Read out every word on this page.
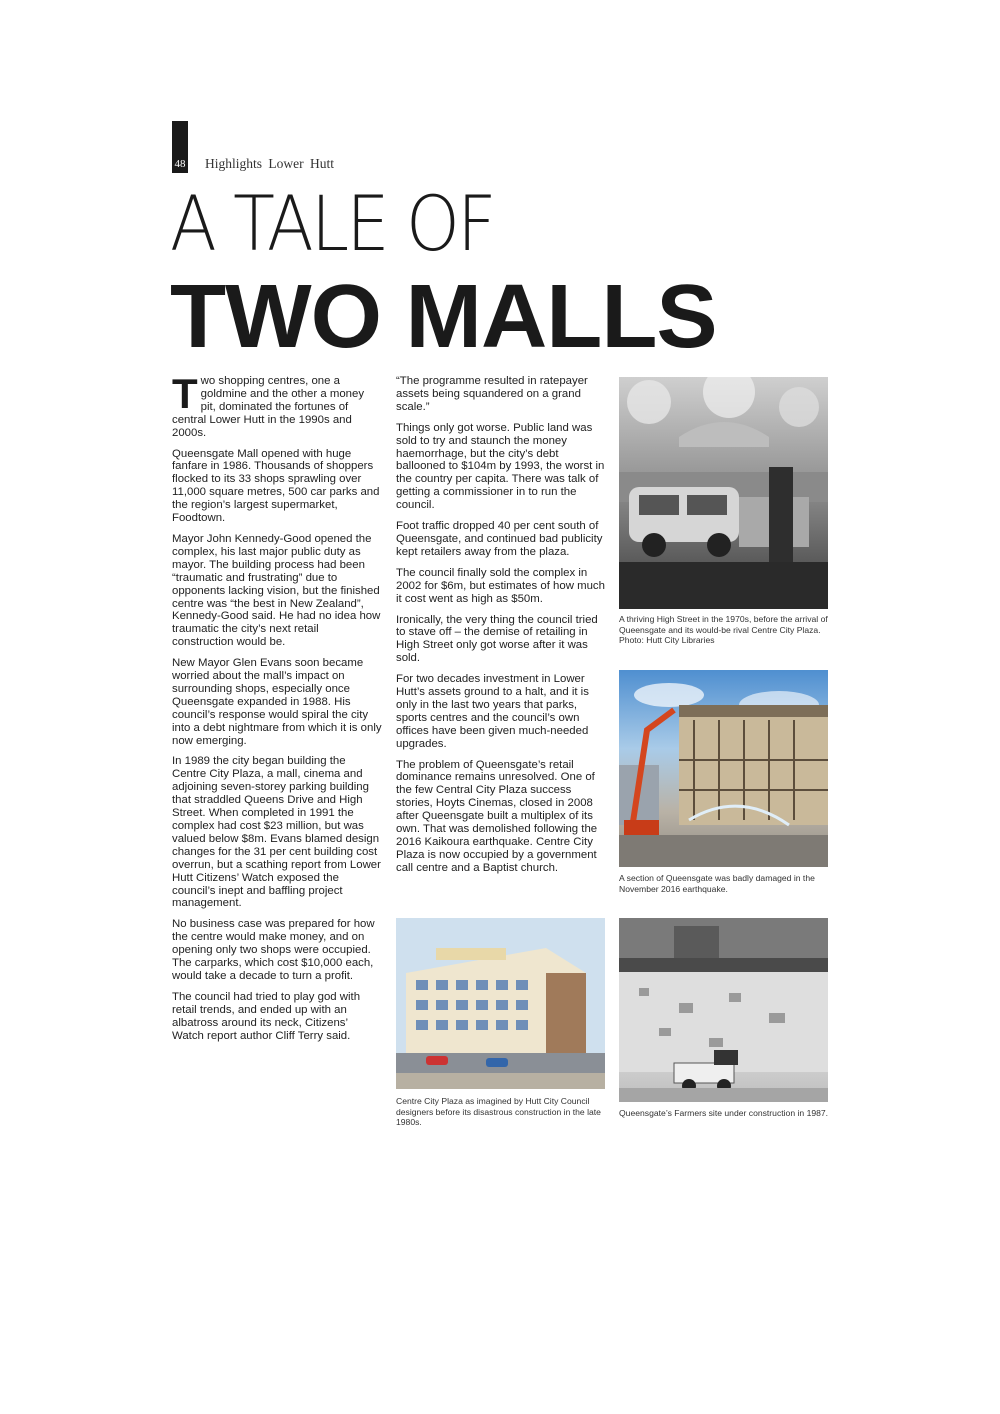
48 Highlights Lower Hutt
A TALE OF
TWO MALLS

Two shopping centres, one a goldmine and the other a money pit, dominated the fortunes of central Lower Hutt in the 1990s and 2000s.

Queensgate Mall opened with huge fanfare in 1986. Thousands of shoppers flocked to its 33 shops sprawling over 11,000 square metres, 500 car parks and the region’s largest supermarket, Foodtown.

Mayor John Kennedy-Good opened the complex, his last major public duty as mayor. The building process had been “traumatic and frustrating” due to opponents lacking vision, but the finished centre was “the best in New Zealand”, Kennedy-Good said. He had no idea how traumatic the city’s next retail construction would be.

New Mayor Glen Evans soon became worried about the mall’s impact on surrounding shops, especially once Queensgate expanded in 1988. His council’s response would spiral the city into a debt nightmare from which it is only now emerging.

In 1989 the city began building the Centre City Plaza, a mall, cinema and adjoining seven-storey parking building that straddled Queens Drive and High Street. When completed in 1991 the complex had cost $23 million, but was valued below $8m. Evans blamed design changes for the 31 per cent building cost overrun, but a scathing report from Lower Hutt Citizens’ Watch exposed the council’s inept and baffling project management.

No business case was prepared for how the centre would make money, and on opening only two shops were occupied. The carparks, which cost $10,000 each, would take a decade to turn a profit.

The council had tried to play god with retail trends, and ended up with an albatross around its neck, Citizens’ Watch report author Cliff Terry said.

“The programme resulted in ratepayer assets being squandered on a grand scale.”

Things only got worse. Public land was sold to try and staunch the money haemorrhage, but the city’s debt ballooned to $104m by 1993, the worst in the country per capita. There was talk of getting a commissioner in to run the council.

Foot traffic dropped 40 per cent south of Queensgate, and continued bad publicity kept retailers away from the plaza.

The council finally sold the complex in 2002 for $6m, but estimates of how much it cost went as high as $50m.

Ironically, the very thing the council tried to stave off – the demise of retailing in High Street only got worse after it was sold.

For two decades investment in Lower Hutt’s assets ground to a halt, and it is only in the last two years that parks, sports centres and the council’s own offices have been given much-needed upgrades.

The problem of Queensgate’s retail dominance remains unresolved. One of the few Central City Plaza success stories, Hoyts Cinemas, closed in 2008 after Queensgate built a multiplex of its own. That was demolished following the 2016 Kaikoura earthquake. Centre City Plaza is now occupied by a government call centre and a Baptist church.

A thriving High Street in the 1970s, before the arrival of Queensgate and its would-be rival Centre City Plaza. Photo: Hutt City Libraries
A section of Queensgate was badly damaged in the November 2016 earthquake.
Centre City Plaza as imagined by Hutt City Council designers before its disastrous construction in the late 1980s.
Queensgate’s Farmers site under construction in 1987.
